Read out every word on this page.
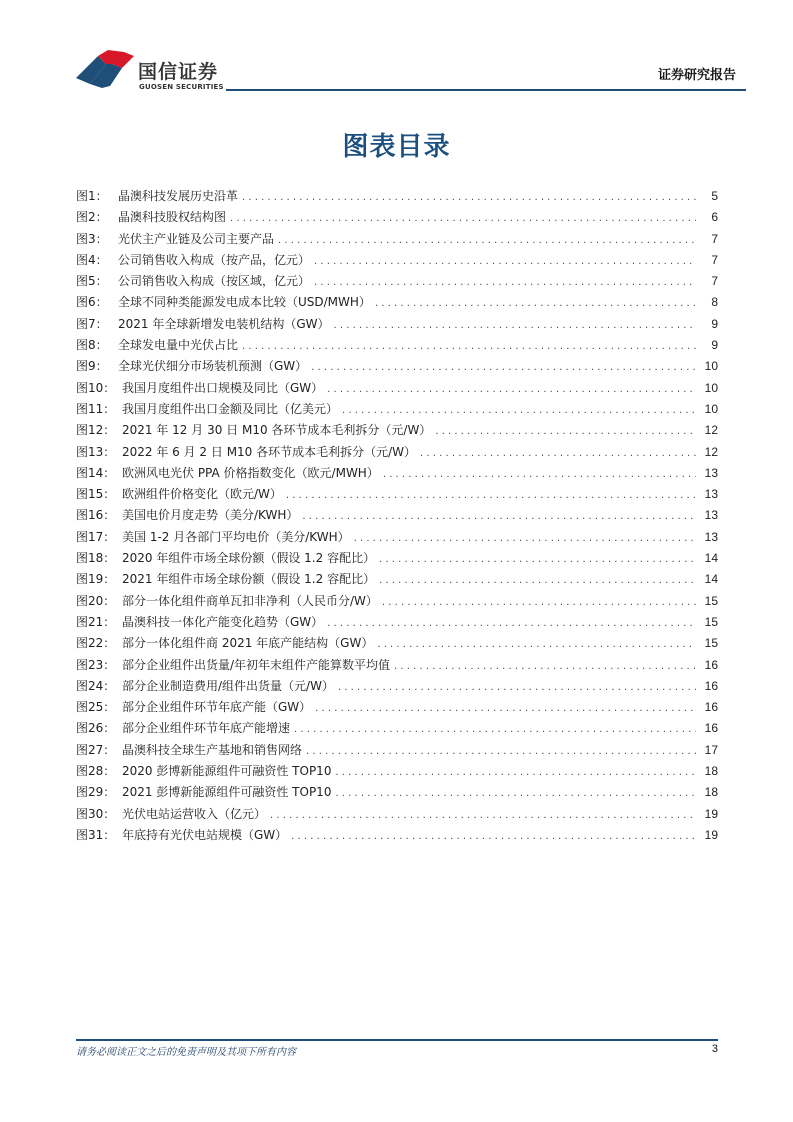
国信证券
GUOSEN SECURITIES
证券研究报告
图表目录
图1： 晶澳科技发展历史沿革 . . .	5
图2： 晶澳科技股权结构图 . . .	6
图3： 光伏主产业链及公司主要产品 . . .	7
图4： 公司销售收入构成（按产品，亿元） . . .	7
图5： 公司销售收入构成（按区域，亿元） . . .	7
图6： 全球不同种类能源发电成本比较（USD/MWH） . . .	8
图7： 2021 年全球新增发电装机结构（GW） . . .	9
图8： 全球发电量中光伏占比 . . .	9
图9： 全球光伏细分市场装机预测（GW） . . .	10
图10： 我国月度组件出口规模及同比（GW） . . .	10
图11： 我国月度组件出口金额及同比（亿美元） . . .	10
图12： 2021 年 12 月 30 日 M10 各环节成本毛利拆分（元/W） . . .	12
图13： 2022 年 6 月 2 日 M10 各环节成本毛利拆分（元/W） . . .	12
图14： 欧洲风电光伏 PPA 价格指数变化（欧元/MWH） . . .	13
图15： 欧洲组件价格变化（欧元/W） . . .	13
图16： 美国电价月度走势（美分/KWH） . . .	13
图17： 美国 1-2 月各部门平均电价（美分/KWH） . . .	13
图18： 2020 年组件市场全球份额（假设 1.2 容配比） . . .	14
图19： 2021 年组件市场全球份额（假设 1.2 容配比） . . .	14
图20： 部分一体化组件商单瓦扣非净利（人民币分/W） . . .	15
图21： 晶澳科技一体化产能变化趋势（GW） . . .	15
图22： 部分一体化组件商 2021 年底产能结构（GW） . . .	15
图23： 部分企业组件出货量/年初年末组件产能算数平均值 . . .	16
图24： 部分企业制造费用/组件出货量（元/W） . . .	16
图25： 部分企业组件环节年底产能（GW） . . .	16
图26： 部分企业组件环节年底产能增速 . . .	16
图27： 晶澳科技全球生产基地和销售网络 . . .	17
图28： 2020 彭博新能源组件可融资性 TOP10 . . .	18
图29： 2021 彭博新能源组件可融资性 TOP10 . . .	18
图30： 光伏电站运营收入（亿元） . . .	19
图31： 年底持有光伏电站规模（GW） . . .	19
请务必阅读正文之后的免责声明及其项下所有内容	3
